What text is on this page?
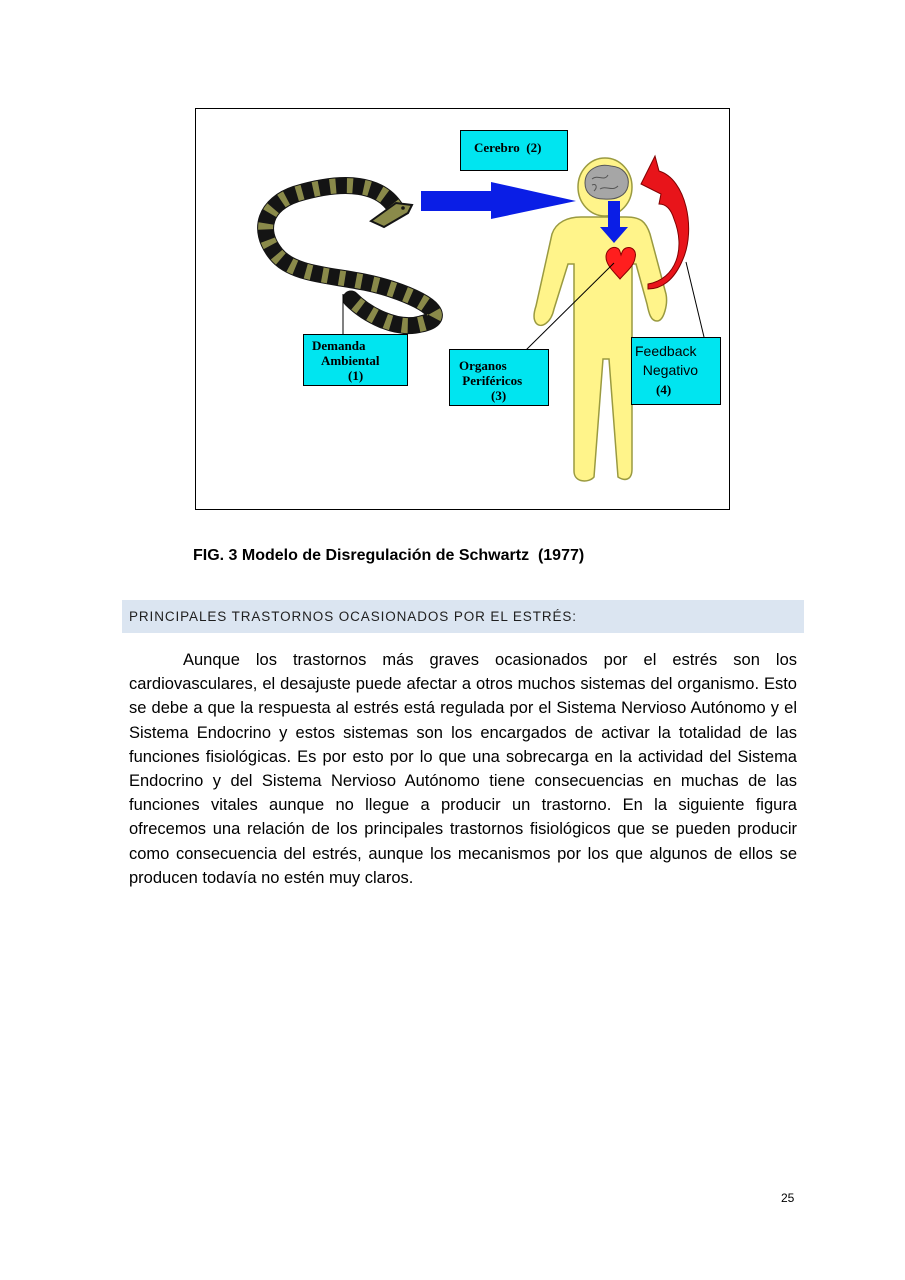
Cerebro (2)
Demanda
Ambiental
(1)
Organos
Periféricos
(3)
Feedback
Negativo
(4)
FIG. 3 Modelo de Disregulación de Schwartz  (1977)
PRINCIPALES TRASTORNOS OCASIONADOS POR EL ESTRÉS:

Aunque los trastornos más graves ocasionados por el estrés son los cardiovasculares, el desajuste puede afectar a otros muchos sistemas del organismo. Esto se debe a que la respuesta al estrés está regulada por el Sistema Nervioso Autónomo y el Sistema Endocrino y estos sistemas son los encargados de activar la totalidad de las funciones fisiológicas. Es por esto por lo que una sobrecarga en la actividad del Sistema Endocrino y del Sistema Nervioso Autónomo tiene consecuencias en muchas de las funciones vitales aunque no llegue a producir un trastorno. En la siguiente figura ofrecemos una relación de los principales trastornos fisiológicos que se pueden producir como consecuencia del estrés, aunque los mecanismos por los que algunos de ellos se producen todavía no estén muy claros.

25
